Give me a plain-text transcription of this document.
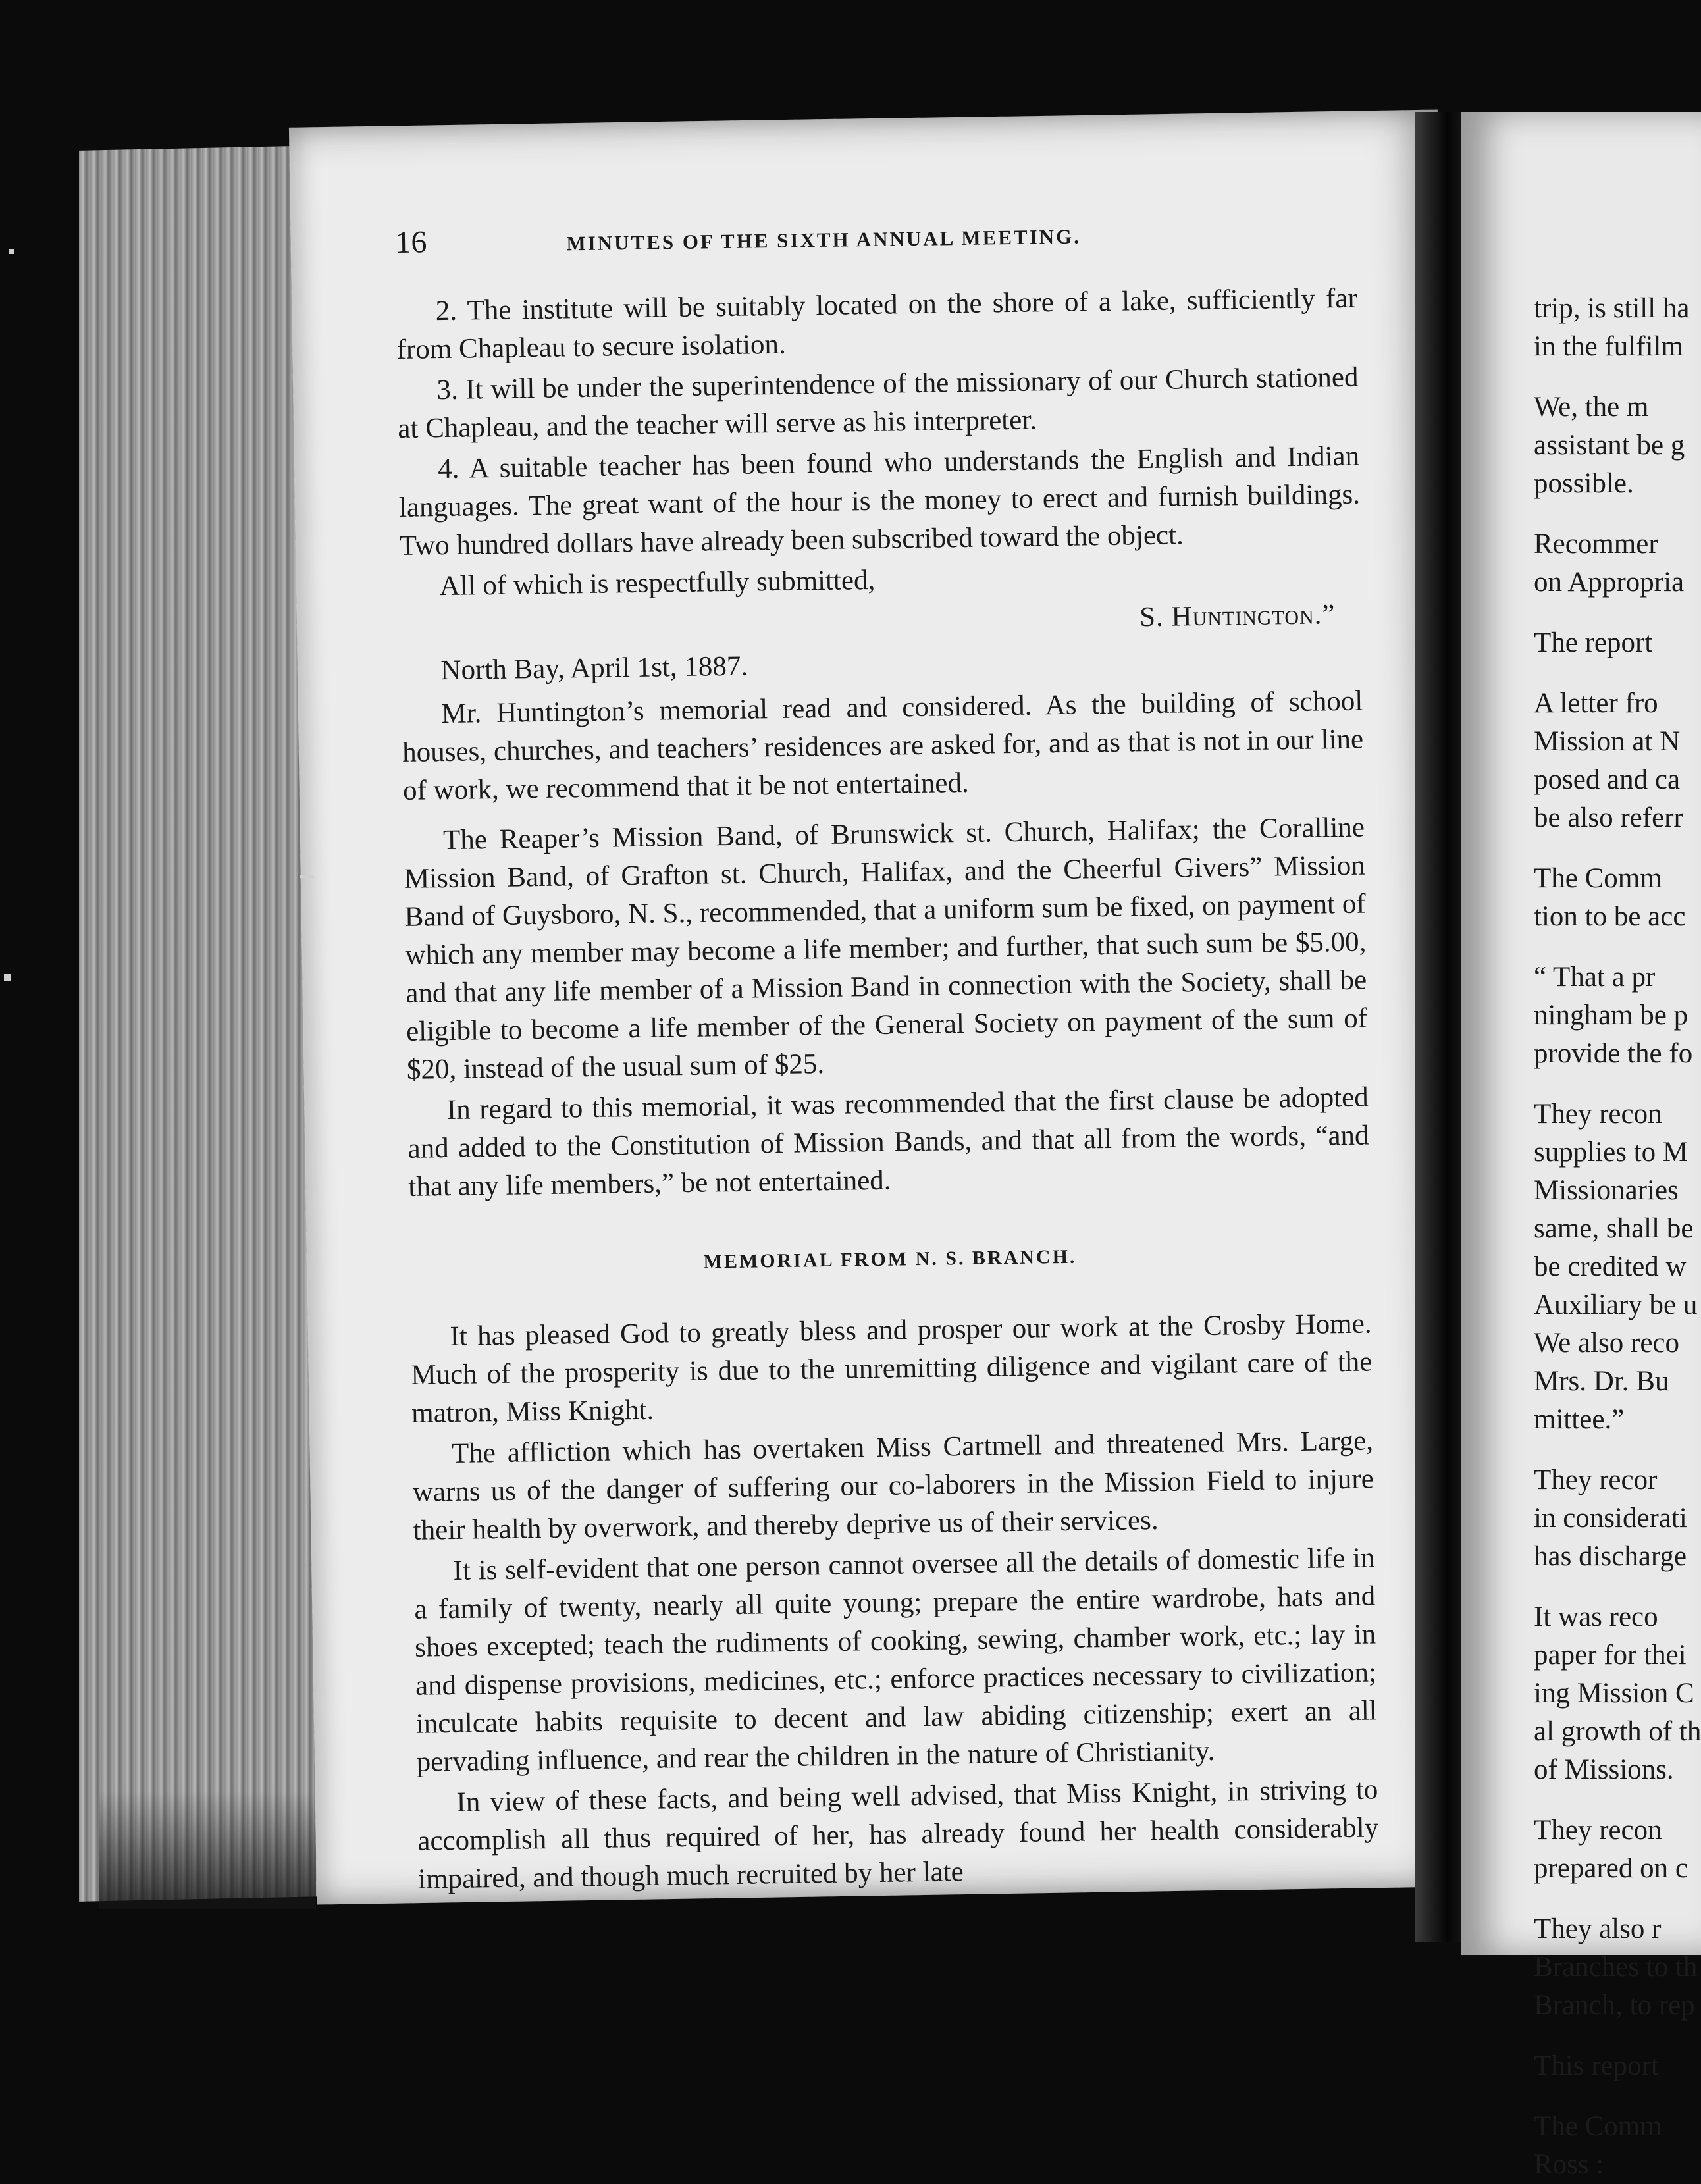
16	MINUTES OF THE SIXTH ANNUAL MEETING.

2. The institute will be suitably located on the shore of a lake, sufficiently far from Chapleau to secure isolation.

3. It will be under the superintendence of the missionary of our Church stationed at Chapleau, and the teacher will serve as his interpreter.

4. A suitable teacher has been found who understands the English and Indian languages. The great want of the hour is the money to erect and furnish buildings. Two hundred dollars have already been subscribed toward the object.

All of which is respectfully submitted,

S. Huntington.”
North Bay, April 1st, 1887.

Mr. Huntington’s memorial read and considered. As the building of school houses, churches, and teachers’ residences are asked for, and as that is not in our line of work, we recommend that it be not entertained.

The Reaper’s Mission Band, of Brunswick st. Church, Halifax; the Coralline Mission Band, of Grafton st. Church, Halifax, and the Cheerful Givers” Mission Band of Guysboro, N. S., recommended, that a uniform sum be fixed, on payment of which any member may become a life member; and further, that such sum be $5.00, and that any life member of a Mission Band in connection with the Society, shall be eligible to become a life member of the General Society on payment of the sum of $20, instead of the usual sum of $25.

In regard to this memorial, it was recommended that the first clause be adopted and added to the Constitution of Mission Bands, and that all from the words, “and that any life members,” be not entertained.

MEMORIAL FROM N. S. BRANCH.

It has pleased God to greatly bless and prosper our work at the Crosby Home. Much of the prosperity is due to the unremitting diligence and vigilant care of the matron, Miss Knight.

The affliction which has overtaken Miss Cartmell and threatened Mrs. Large, warns us of the danger of suffering our co-laborers in the Mission Field to injure their health by overwork, and thereby deprive us of their services.

It is self-evident that one person cannot oversee all the details of domestic life in a family of twenty, nearly all quite young; prepare the entire wardrobe, hats and shoes excepted; teach the rudiments of cooking, sewing, chamber work, etc.; lay in and dispense provisions, medicines, etc.; enforce practices necessary to civilization; inculcate habits requisite to decent and law abiding citizenship; exert an all pervading influence, and rear the children in the nature of Christianity.

In view of these facts, and being well advised, that Miss Knight, in striving to accomplish all thus required of her, has already found her health considerably impaired, and though much recruited by her late

trip, is still ha
in the fulfilm
We, the m
assistant be g
possible.
Recommer
on Appropria
The report
A letter fro
Mission at N
posed and ca
be also referr
The Comm
tion to be acc
“ That a pr
ningham be p
provide the fo
They recon
supplies to M
Missionaries
same, shall be
be credited w
Auxiliary be u
We also reco
Mrs. Dr. Bu
mittee.”
They recor
in considerati
has discharge
It was reco
paper for thei
ing Mission C
al growth of th
of Missions.
They recon
prepared on c
They also r
Branches to th
Branch, to rep
This report
The Comm
Ross :
